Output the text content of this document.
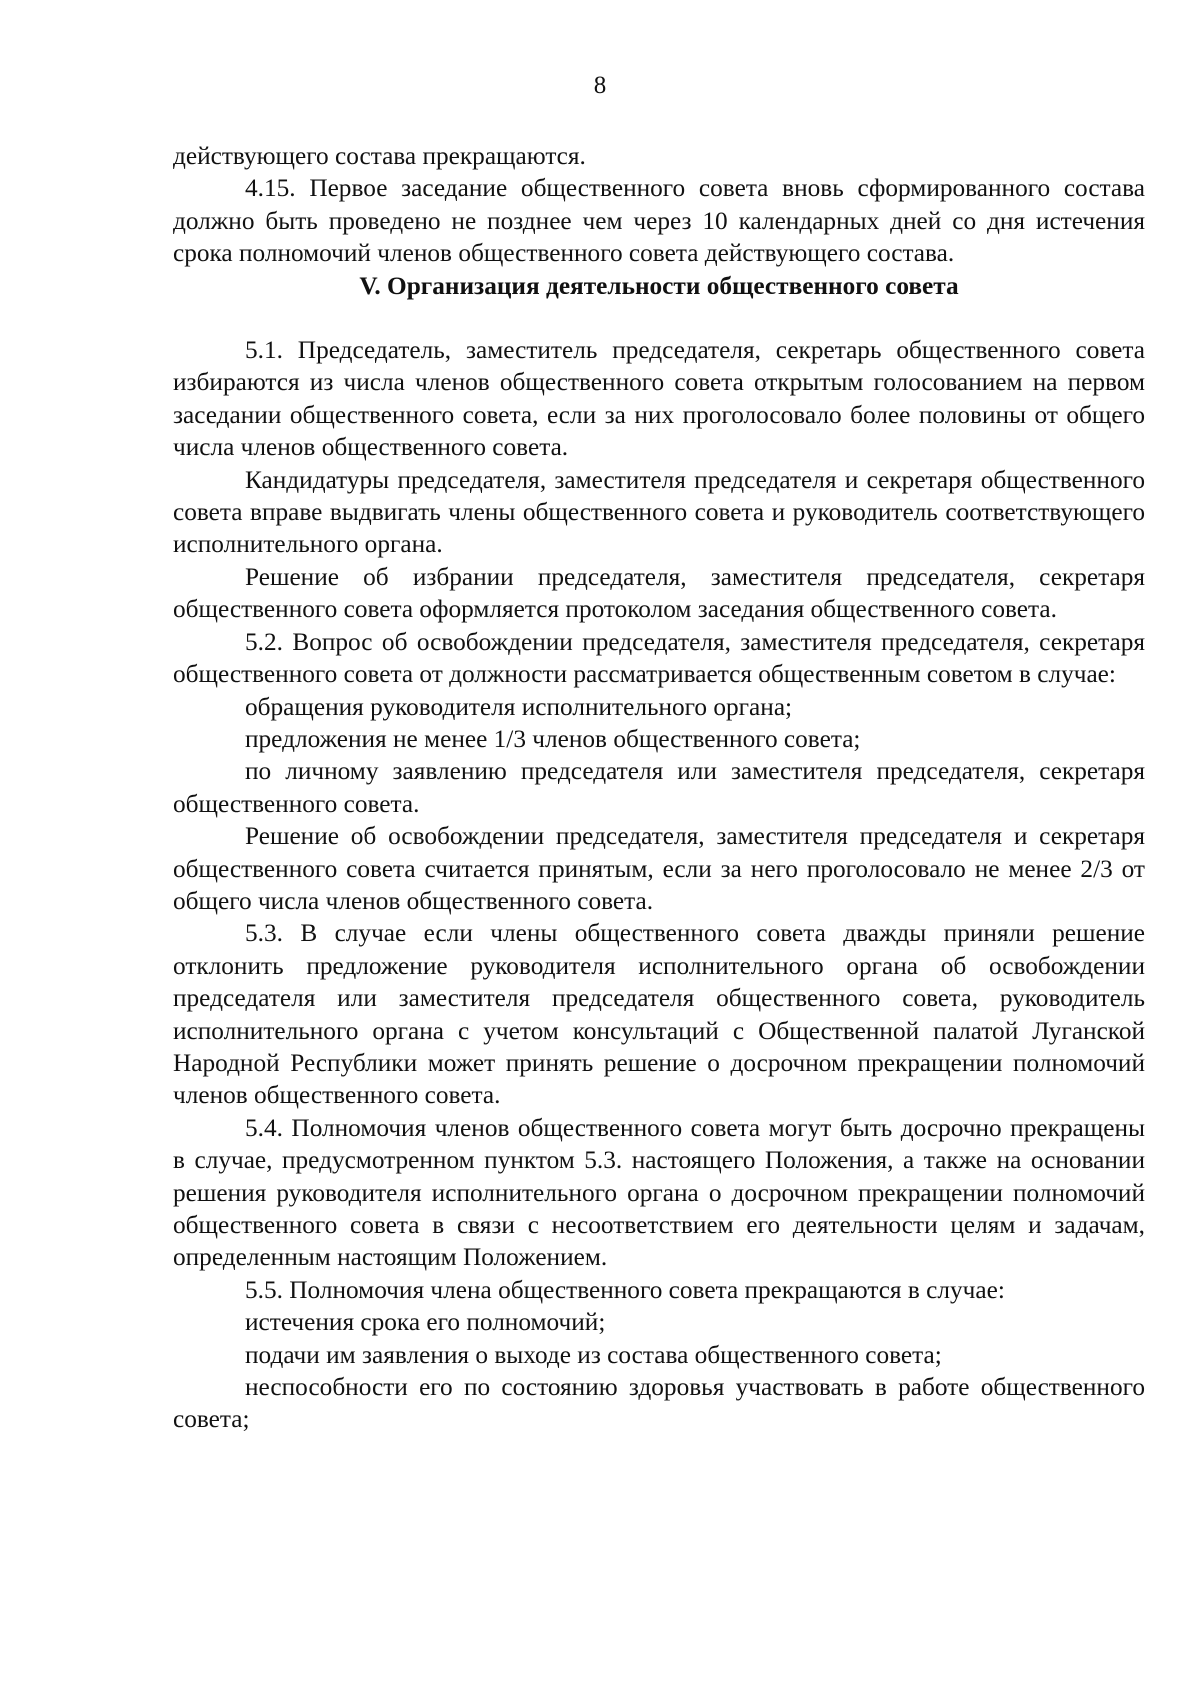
8

действующего состава прекращаются.

4.15. Первое заседание общественного совета вновь сформированного состава должно быть проведено не позднее чем через 10 календарных дней со дня истечения срока полномочий членов общественного совета действующего состава.

V. Организация деятельности общественного совета

5.1. Председатель, заместитель председателя, секретарь общественного совета избираются из числа членов общественного совета открытым голосованием на первом заседании общественного совета, если за них проголосовало более половины от общего числа членов общественного совета.

Кандидатуры председателя, заместителя председателя и секретаря общественного совета вправе выдвигать члены общественного совета и руководитель соответствующего исполнительного органа.

Решение об избрании председателя, заместителя председателя, секретаря общественного совета оформляется протоколом заседания общественного совета.

5.2. Вопрос об освобождении председателя, заместителя председателя, секретаря общественного совета от должности рассматривается общественным советом в случае:

обращения руководителя исполнительного органа;

предложения не менее 1/3 членов общественного совета;

по личному заявлению председателя или заместителя председателя, секретаря общественного совета.

Решение об освобождении председателя, заместителя председателя и секретаря общественного совета считается принятым, если за него проголосовало не менее 2/3 от общего числа членов общественного совета.

5.3. В случае если члены общественного совета дважды приняли решение отклонить предложение руководителя исполнительного органа об освобождении председателя или заместителя председателя общественного совета, руководитель исполнительного органа с учетом консультаций с Общественной палатой Луганской Народной Республики может принять решение о досрочном прекращении полномочий членов общественного совета.

5.4. Полномочия членов общественного совета могут быть досрочно прекращены в случае, предусмотренном пунктом 5.3. настоящего Положения, а также на основании решения руководителя исполнительного органа о досрочном прекращении полномочий общественного совета в связи с несоответствием его деятельности целям и задачам, определенным настоящим Положением.

5.5. Полномочия члена общественного совета прекращаются в случае:

истечения срока его полномочий;

подачи им заявления о выходе из состава общественного совета;

неспособности его по состоянию здоровья участвовать в работе общественного совета;
